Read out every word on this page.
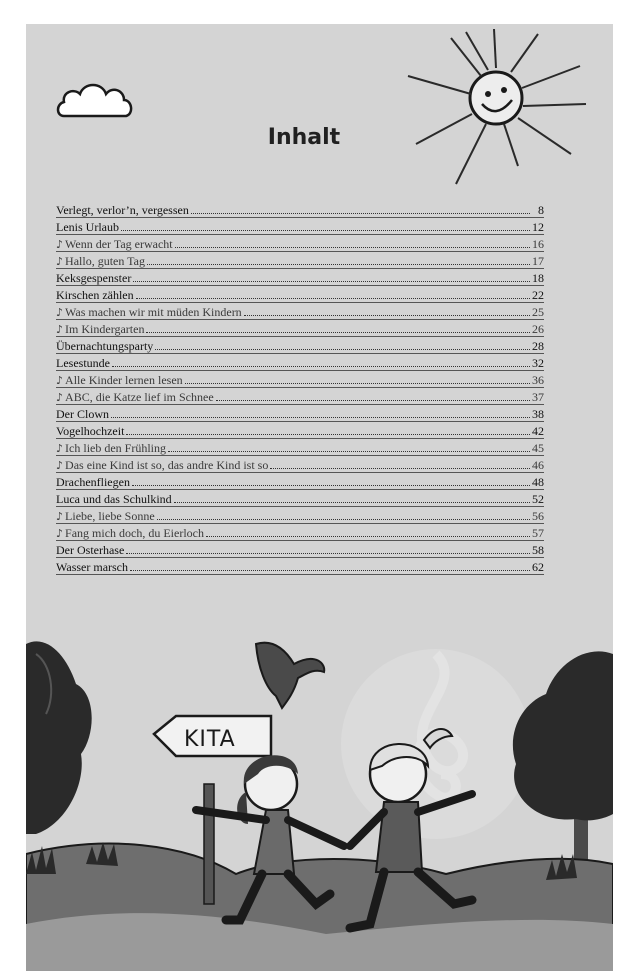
Inhalt
Verlegt, verlor’n, vergessen	8
Lenis Urlaub	12
♪ Wenn der Tag erwacht	16
♪ Hallo, guten Tag	17
Keksgespenster	18
Kirschen zählen	22
♪ Was machen wir mit müden Kindern	25
♪ Im Kindergarten	26
Übernachtungsparty	28
Lesestunde	32
♪ Alle Kinder lernen lesen	36
♪ ABC, die Katze lief im Schnee	37
Der Clown	38
Vogelhochzeit	42
♪ Ich lieb den Frühling	45
♪ Das eine Kind ist so, das andre Kind ist so	46
Drachenfliegen	48
Luca und das Schulkind	52
♪ Liebe, liebe Sonne	56
♪ Fang mich doch, du Eierloch	57
Der Osterhase	58
Wasser marsch	62
KITA
